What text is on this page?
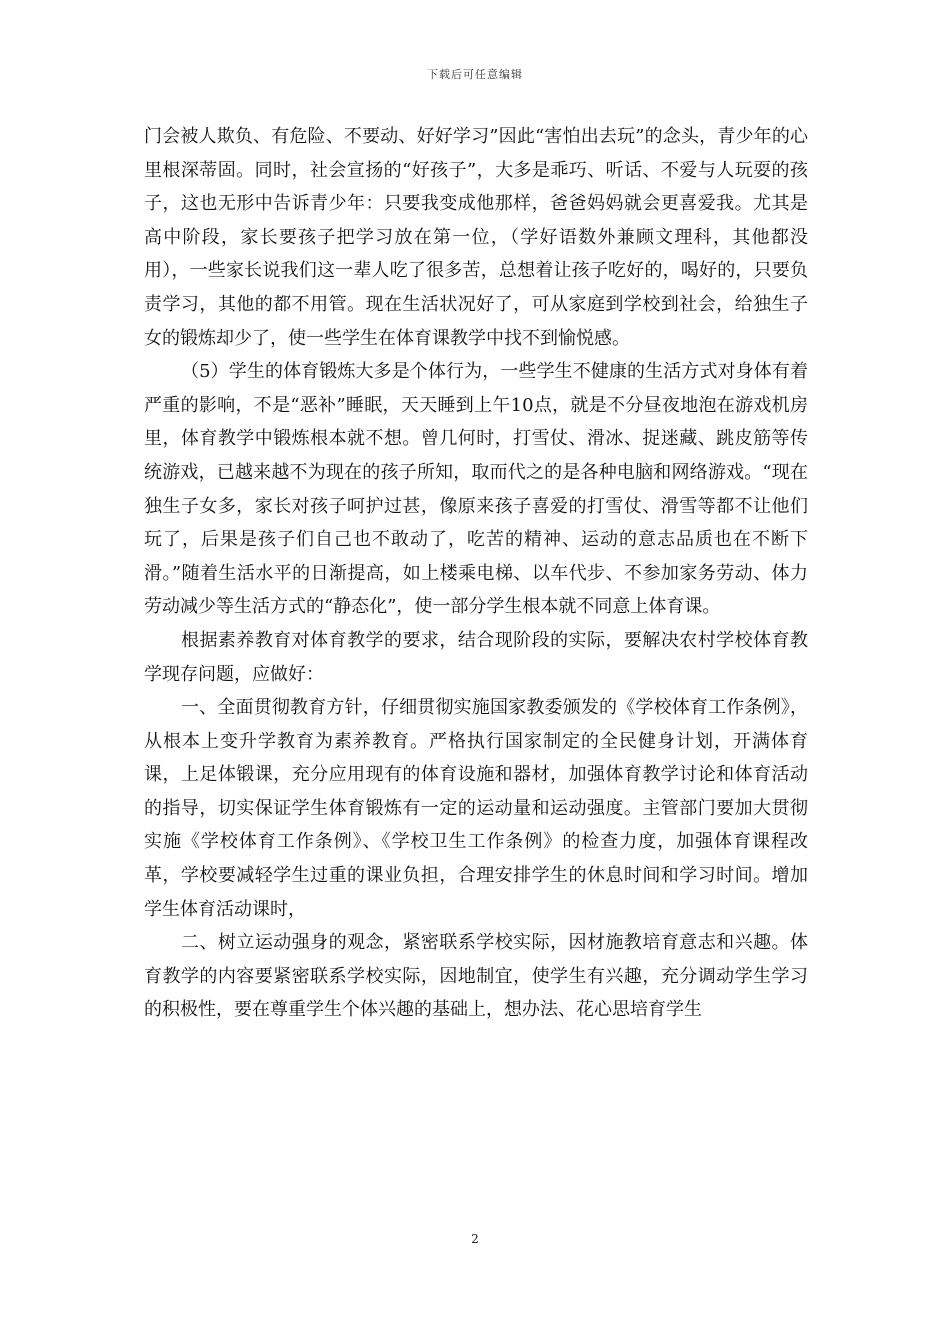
下载后可任意编辑

门会被人欺负、有危险、不要动、好好学习”因此“害怕出去玩”的念头，青少年的心里根深蒂固。同时，社会宣扬的“好孩子”，大多是乖巧、听话、不爱与人玩耍的孩子，这也无形中告诉青少年：只要我变成他那样，爸爸妈妈就会更喜爱我。尤其是高中阶段，家长要孩子把学习放在第一位，（学好语数外兼顾文理科，其他都没用），一些家长说我们这一辈人吃了很多苦，总想着让孩子吃好的，喝好的，只要负责学习，其他的都不用管。现在生活状况好了，可从家庭到学校到社会，给独生子女的锻炼却少了，使一些学生在体育课教学中找不到愉悦感。

（5）学生的体育锻炼大多是个体行为，一些学生不健康的生活方式对身体有着严重的影响，不是“恶补”睡眠，天天睡到上午10点，就是不分昼夜地泡在游戏机房里，体育教学中锻炼根本就不想。曾几何时，打雪仗、滑冰、捉迷藏、跳皮筋等传统游戏，已越来越不为现在的孩子所知，取而代之的是各种电脑和网络游戏。“现在独生子女多，家长对孩子呵护过甚，像原来孩子喜爱的打雪仗、滑雪等都不让他们玩了，后果是孩子们自己也不敢动了，吃苦的精神、运动的意志品质也在不断下滑。”随着生活水平的日渐提高，如上楼乘电梯、以车代步、不参加家务劳动、体力劳动减少等生活方式的“静态化”，使一部分学生根本就不同意上体育课。

根据素养教育对体育教学的要求，结合现阶段的实际，要解决农村学校体育教学现存问题，应做好：

一、全面贯彻教育方针，仔细贯彻实施国家教委颁发的《学校体育工作条例》，从根本上变升学教育为素养教育。严格执行国家制定的全民健身计划，开满体育课，上足体锻课，充分应用现有的体育设施和器材，加强体育教学讨论和体育活动的指导，切实保证学生体育锻炼有一定的运动量和运动强度。主管部门要加大贯彻实施《学校体育工作条例》、《学校卫生工作条例》的检查力度，加强体育课程改革，学校要减轻学生过重的课业负担，合理安排学生的休息时间和学习时间。增加学生体育活动课时，

二、树立运动强身的观念，紧密联系学校实际，因材施教培育意志和兴趣。体育教学的内容要紧密联系学校实际，因地制宜，使学生有兴趣，充分调动学生学习的积极性，要在尊重学生个体兴趣的基础上，想办法、花心思培育学生

2
